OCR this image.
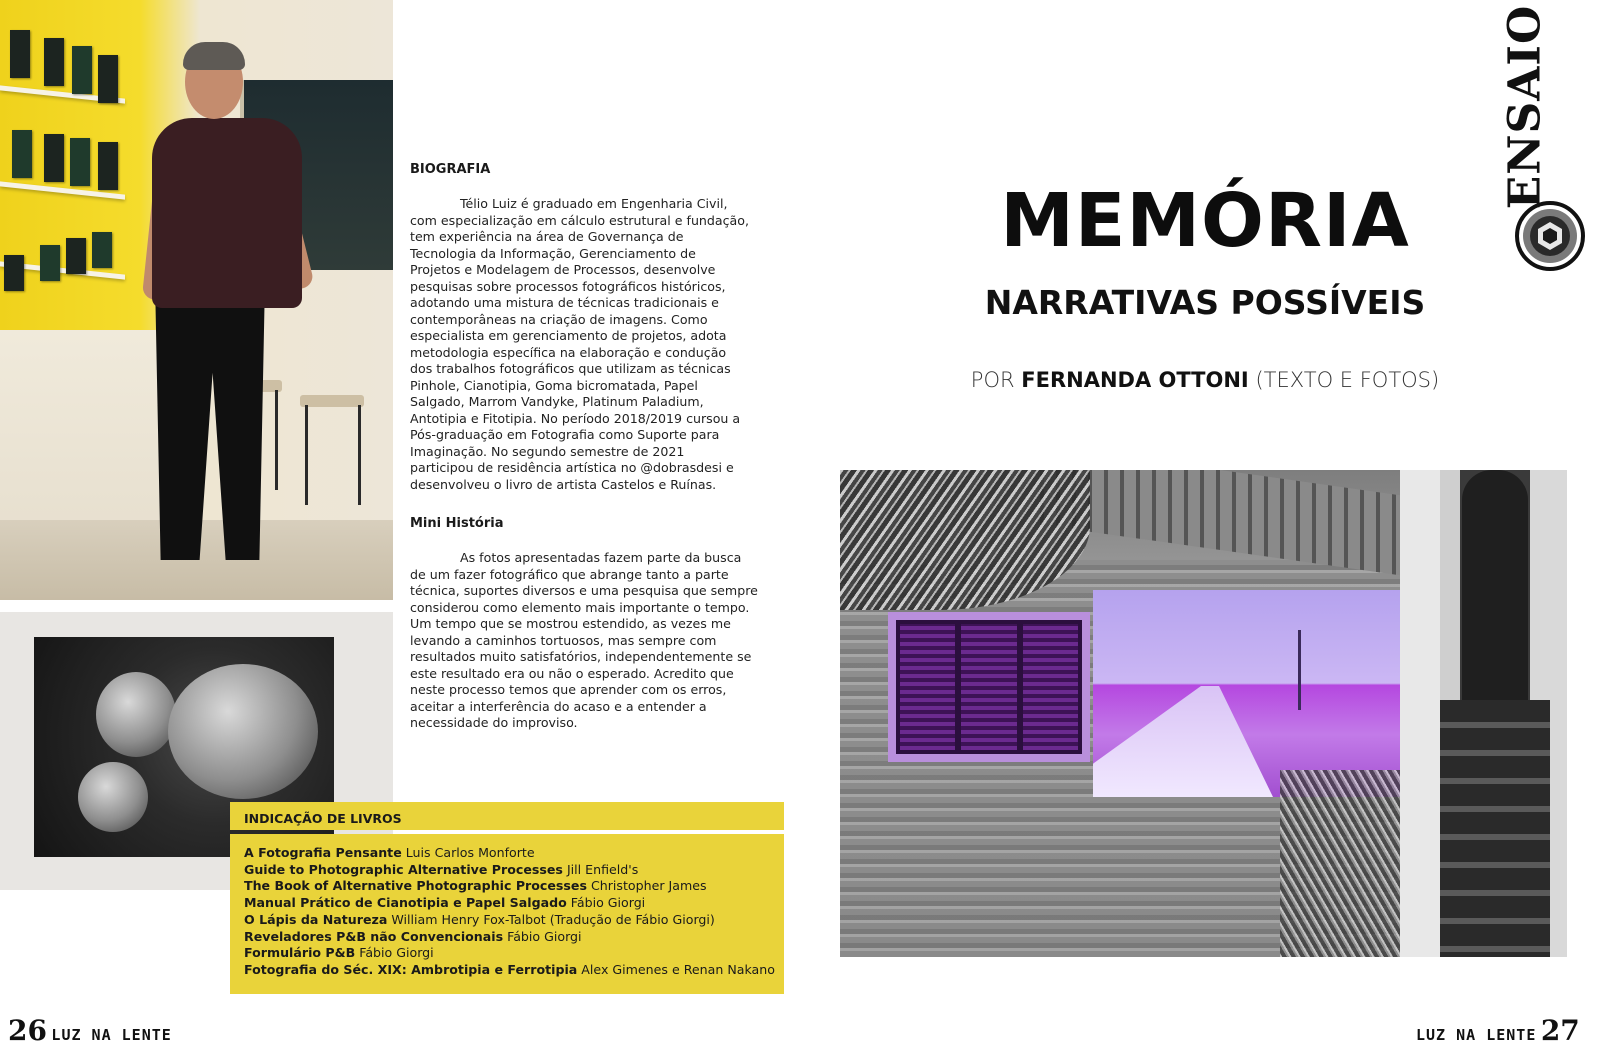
BIOGRAFIA

Télio Luiz é graduado em Engenharia Civil, com especialização em cálculo estrutural e fundação, tem experiência na área de Governança de Tecnologia da Informação, Gerenciamento de Projetos e Modelagem de Processos, desenvolve pesquisas sobre processos fotográficos históricos, adotando uma mistura de técnicas tradicionais e contemporâneas na criação de imagens. Como especialista em gerenciamento de projetos, adota metodologia específica na elaboração e condução dos trabalhos fotográficos que utilizam as técnicas Pinhole, Cianotipia, Goma bicromatada, Papel Salgado, Marrom Vandyke, Platinum Paladium, Antotipia e Fitotipia. No período 2018/2019 cursou a Pós-graduação em Fotografia como Suporte para Imaginação. No segundo semestre de 2021 participou de residência artística no @dobrasdesi e desenvolveu o livro de artista Castelos e Ruínas.

Mini História

As fotos apresentadas fazem parte da busca de um fazer fotográfico que abrange tanto a parte técnica, suportes diversos e uma pesquisa que sempre considerou como elemento mais importante o tempo. Um tempo que se mostrou estendido, as vezes me levando a caminhos tortuosos, mas sempre com resultados muito satisfatórios, independentemente se este resultado era ou não o esperado. Acredito que neste processo temos que aprender com os erros, aceitar a interferência do acaso e a entender a necessidade do improviso.

INDICAÇÃO DE LIVROS
A Fotografia Pensante Luis Carlos Monforte
Guide to Photographic Alternative Processes Jill Enfield's
The Book of Alternative Photographic Processes Christopher James
Manual Prático de Cianotipia e Papel Salgado Fábio Giorgi
O Lápis da Natureza William Henry Fox-Talbot (Tradução de Fábio Giorgi)
Reveladores P&B não Convencionais Fábio Giorgi
Formulário P&B Fábio Giorgi
Fotografia do Séc. XIX: Ambrotipia e Ferrotipia Alex Gimenes e Renan Nakano
26 LUZ NA LENTE
ENSAIO
MEMÓRIA
NARRATIVAS POSSÍVEIS
POR FERNANDA OTTONI (TEXTO E FOTOS)
LUZ NA LENTE 27
